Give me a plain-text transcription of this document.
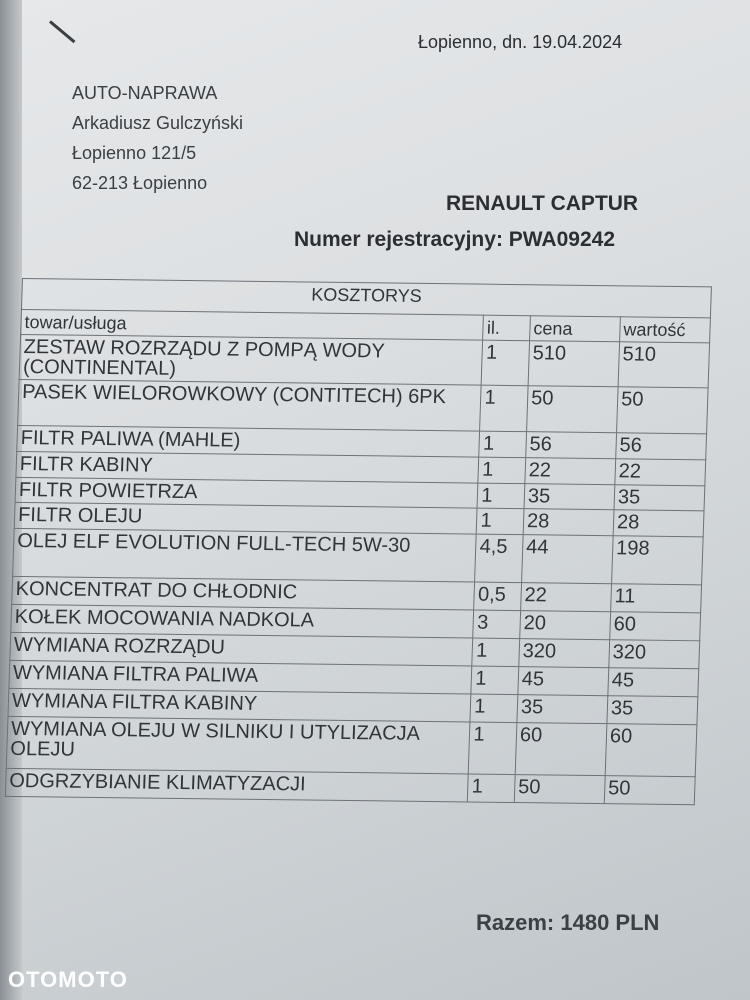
Łopienno, dn. 19.04.2024
AUTO-NAPRAWA
Arkadiusz Gulczyński
Łopienno 121/5
62-213 Łopienno
RENAULT CAPTUR
Numer rejestracyjny: PWA09242
KOSZTORYS			
towar/usługa	il.	cena	wartość
ZESTAW ROZRZĄDU Z POMPĄ WODY (CONTINENTAL)	1	510	510
PASEK WIELOROWKOWY (CONTITECH) 6PK	1	50	50
FILTR PALIWA (MAHLE)	1	56	56
FILTR KABINY	1	22	22
FILTR POWIETRZA	1	35	35
FILTR OLEJU	1	28	28
OLEJ ELF EVOLUTION FULL-TECH 5W-30	4,5	44	198
KONCENTRAT DO CHŁODNIC	0,5	22	11
KOŁEK MOCOWANIA NADKOLA	3	20	60
WYMIANA ROZRZĄDU	1	320	320
WYMIANA FILTRA PALIWA	1	45	45
WYMIANA FILTRA KABINY	1	35	35
WYMIANA OLEJU W SILNIKU I UTYLIZACJA OLEJU	1	60	60
ODGRZYBIANIE KLIMATYZACJI	1	50	50
Razem: 1480 PLN
OTOMOTO
